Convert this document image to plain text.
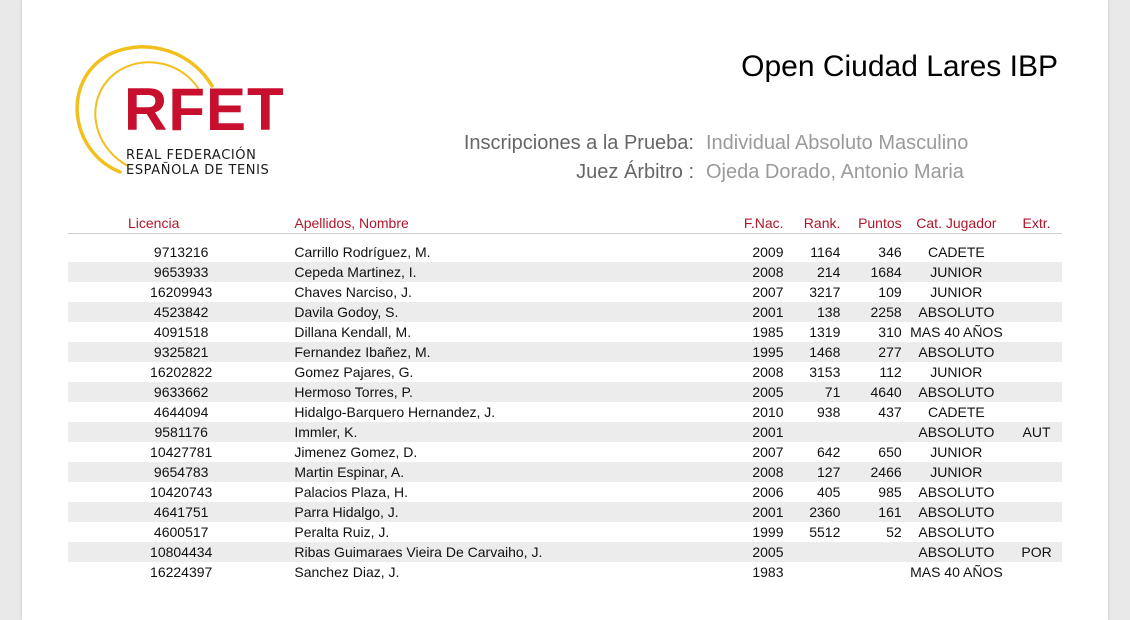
RFET
REAL FEDERACIÓN
ESPAÑOLA DE TENIS
Open Ciudad Lares IBP
Inscripciones a la Prueba: Individual Absoluto Masculino
Juez Árbitro : Ojeda Dorado, Antonio Maria
Licencia	Apellidos, Nombre	F.Nac.	Rank.	Puntos	Cat. Jugador	Extr.
9713216	Carrillo Rodríguez, M.	2009	1164	346	CADETE	
9653933	Cepeda Martinez, I.	2008	214	1684	JUNIOR	
16209943	Chaves Narciso, J.	2007	3217	109	JUNIOR	
4523842	Davila Godoy, S.	2001	138	2258	ABSOLUTO	
4091518	Dillana Kendall, M.	1985	1319	310	MAS 40 AÑOS	
9325821	Fernandez Ibañez, M.	1995	1468	277	ABSOLUTO	
16202822	Gomez Pajares, G.	2008	3153	112	JUNIOR	
9633662	Hermoso Torres, P.	2005	71	4640	ABSOLUTO	
4644094	Hidalgo-Barquero Hernandez, J.	2010	938	437	CADETE	
9581176	Immler, K.	2001			ABSOLUTO	AUT
10427781	Jimenez Gomez, D.	2007	642	650	JUNIOR	
9654783	Martin Espinar, A.	2008	127	2466	JUNIOR	
10420743	Palacios Plaza, H.	2006	405	985	ABSOLUTO	
4641751	Parra Hidalgo, J.	2001	2360	161	ABSOLUTO	
4600517	Peralta Ruiz, J.	1999	5512	52	ABSOLUTO	
10804434	Ribas Guimaraes Vieira De Carvaiho, J.	2005			ABSOLUTO	POR
16224397	Sanchez Diaz, J.	1983			MAS 40 AÑOS	
